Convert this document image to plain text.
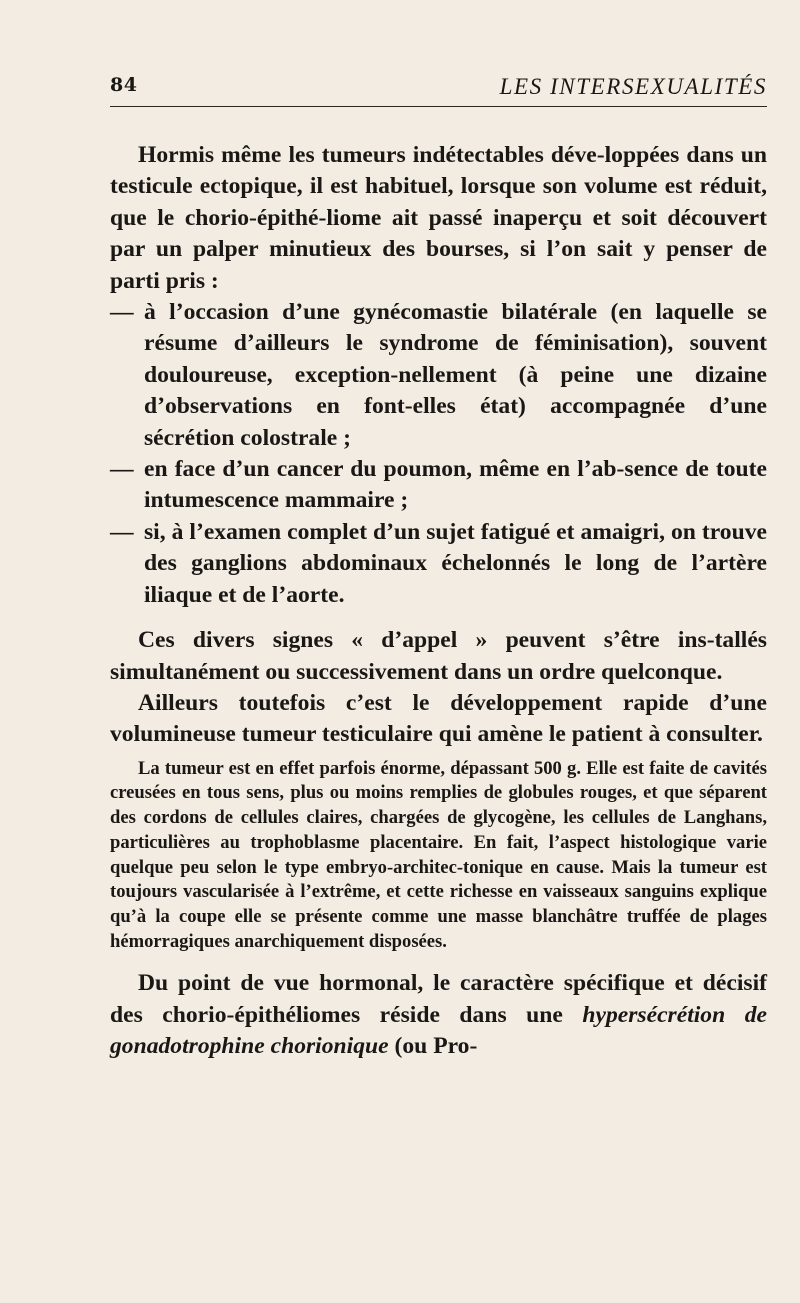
84	LES INTERSEXUALITÉS

Hormis même les tumeurs indétectables déve-loppées dans un testicule ectopique, il est habituel, lorsque son volume est réduit, que le chorio-épithé-liome ait passé inaperçu et soit découvert par un palper minutieux des bourses, si l’on sait y penser de parti pris :

— à l’occasion d’une gynécomastie bilatérale (en laquelle se résume d’ailleurs le syndrome de féminisation), souvent douloureuse, exception-nellement (à peine une dizaine d’observations en font-elles état) accompagnée d’une sécrétion colostrale ;
— en face d’un cancer du poumon, même en l’ab-sence de toute intumescence mammaire ;
— si, à l’examen complet d’un sujet fatigué et amaigri, on trouve des ganglions abdominaux échelonnés le long de l’artère iliaque et de l’aorte.

Ces divers signes « d’appel » peuvent s’être ins-tallés simultanément ou successivement dans un ordre quelconque.

Ailleurs toutefois c’est le développement rapide d’une volumineuse tumeur testiculaire qui amène le patient à consulter.

La tumeur est en effet parfois énorme, dépassant 500 g. Elle est faite de cavités creusées en tous sens, plus ou moins remplies de globules rouges, et que séparent des cordons de cellules claires, chargées de glycogène, les cellules de Langhans, particulières au trophoblasme placentaire. En fait, l’aspect histologique varie quelque peu selon le type embryo-architec-tonique en cause. Mais la tumeur est toujours vascularisée à l’extrême, et cette richesse en vaisseaux sanguins explique qu’à la coupe elle se présente comme une masse blanchâtre truffée de plages hémorragiques anarchiquement disposées.

Du point de vue hormonal, le caractère spécifique et décisif des chorio-épithéliomes réside dans une hypersécrétion de gonadotrophine chorionique (ou Pro-
